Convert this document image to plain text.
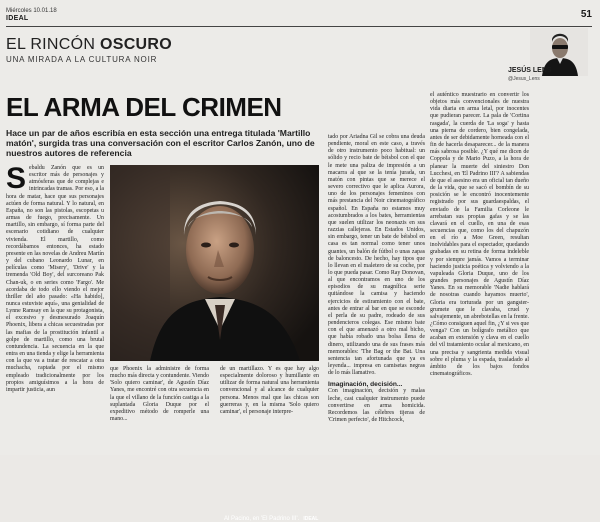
Miércoles 10.01.18
IDEAL	51
EL RINCÓN OSCURO
UNA MIRADA A LA CULTURA NOIR
JESÚS LENS
@Jesus_Lens
EL ARMA DEL CRIMEN
Hace un par de años escribía en esta sección una entrega titulada 'Martillo matón', surgida tras una conversación con el escritor Carlos Zanón, uno de nuestros autores de referencia
S ebaldu Zanón que es un escritor más de personajes y atmósferas que de complejas e intrincadas tramas. Por eso, a la hora de matar, hace que sus personajes actúen de forma natural. Y lo natural, en España, no son las pistolas, escopetas u armas de fuego, precisamente. Un martillo, sin embargo, sí forma parte del escenario cotidiano de cualquier vivienda. El martillo, como recordábamos entonces, ha estado presente en las novelas de Andreu Martín y del cubano Leonardo Lunar, en películas como 'Misery', 'Drive' y la tremenda 'Old Boy', del surcoreano Pak Chan-uk, o en series como 'Fargo'. Me acordaba de todo ello viendo el mejor thriller del año pasado: «Ha habido], nunca estuviste aquí», una genialidad de Lynne Ramsay en la que su protagonista, el excesivo y desmesurado Joaquín Phoenix, libera a chicas secuestradas por las mafias de la prostitución infantil a golpe de martillo, como una brutal contundencia. La secuencia en la que entra en una tienda y elige la herramienta con la que va a tratar de rescatar a otra muchacha, raptada por el mismo empleado tradicionalmente por los propios amiguísimos a la hora de impartir justicia, aun

Al Pacino, en 'El Padrino III'. IDEAL

que Phoenix la administre de forma mucho más directa y contundente. Viendo 'Solo quiero caminar', de Agustín Díaz Yanes, me encontré con otra secuencia en la que el villano de la función castiga a la suplantada Gloria Duque por el expeditivo método de romperle una mano...

de un martillazo. Y es que hay algo especialmente doloroso y humillante en utilizar de forma natural una herramienta convencional y al alcance de cualquier persona. Menos mal que las chicas son guerreras y, en la misma 'Solo quiero caminar', el personaje interpre-

tado por Ariadna Gil se cobra una deuda pendiente, moral en este caso, a través de otro instrumento poco habitual: un sólido y recio bate de béisbol con el que le mete una paliza de impresión a un macarra al que se la tenía jurada, un matón con pintas que se merece el severo correctivo que le aplica Aurora, uno de los personajes femeninos con más prestancia del Noir cinematográfico español. En España no estamos muy acostumbrados a los bates, herramientas que suelen utilizar los neonazis en sus razzias callejeras. En Estados Unidos, sin embargo, tener un bate de béisbol en casa es tan normal como tener unos guantes, un balón de fútbol o unas zapas de baloncesto. De hecho, hay tipos que lo llevan en el maletero de su coche, por lo que pueda pasar. Como Ray Donovan, al que encontramos en uno de los episodios de su magnífica serie quitándose la camisa y haciendo ejercicios de estiramiento con el bate, antes de entrar al bar en que se esconde el perla de su padre, rodeado de sus pendencieros colegas. Ese mismo bate con el que amenazó a otro mal bicho, que había robado una bolsa llena de dinero, utilizando una de sus frases más memorables: 'The Bag or the Bat. Una sentencia tan afortunada que ya es leyenda... impresa en camisetas negras de lo más llamativo.

Imaginación, decisión...

Con imaginación, decisión y malas leche, casi cualquier instrumento puede convertirse en arma homicida. Recordemos las célebres tijeras de 'Crimen perfecto', de Hitchcock,

el auténtico muestrario en convertir los objetos más convencionales de nuestra vida diaria en arma letal, por inocentes que pudieran parecer. La pala de 'Cortina rasgada', la cuerda de 'La soga' y hasta una pierna de cordero, bien congelada, antes de ser debidamente horneada con el fin de hacerla desaparecer... de la manera más sabrosa posible. ¿Y qué me dicen de Coppola y de Mario Puzo, a la hora de planear la muerte del siniestro Don Lucchesi, en 'El Padrino III'? A sabiendas de que el asesino era un oficial tan dueño de la vida, que se sacó el bombín de su posición se le encontró inocentemente registrado por sus guardaespaldas, el enviado de la Familia Corleone le arrebatan sus propias gafas y se las clavará en el cuello, en una de esas secuencias que, como los del chapuzón en el río a Moe Green, resultan inolvidables para el espectador, quedando grabadas en su retina de forma indeleble y por siempre jamás. Vamos a terminar haciendo justicia poética y volviendo a la vapuleada Gloria Duque, uno de los grandes personajes de Agustín Díaz Yanes. En su memorable 'Nadie hablará de nosotras cuando hayamos muerto', Gloria era torturada por un gangster-grumete que le clavaba, cruel y salvajemente, un abrebotellas en la frente. ¿Cómo consiguen aquel fin, ¿Y si ves que venga? Con un bolígrafo metálico que acaban en extensión y clava en el cuello del vil tratamiento ocular al mexicano, en una precisa y sangrienta medida visual sobre el pluma y la espada, trasladado al ámbito de los bajos fondos cinematográficos.
